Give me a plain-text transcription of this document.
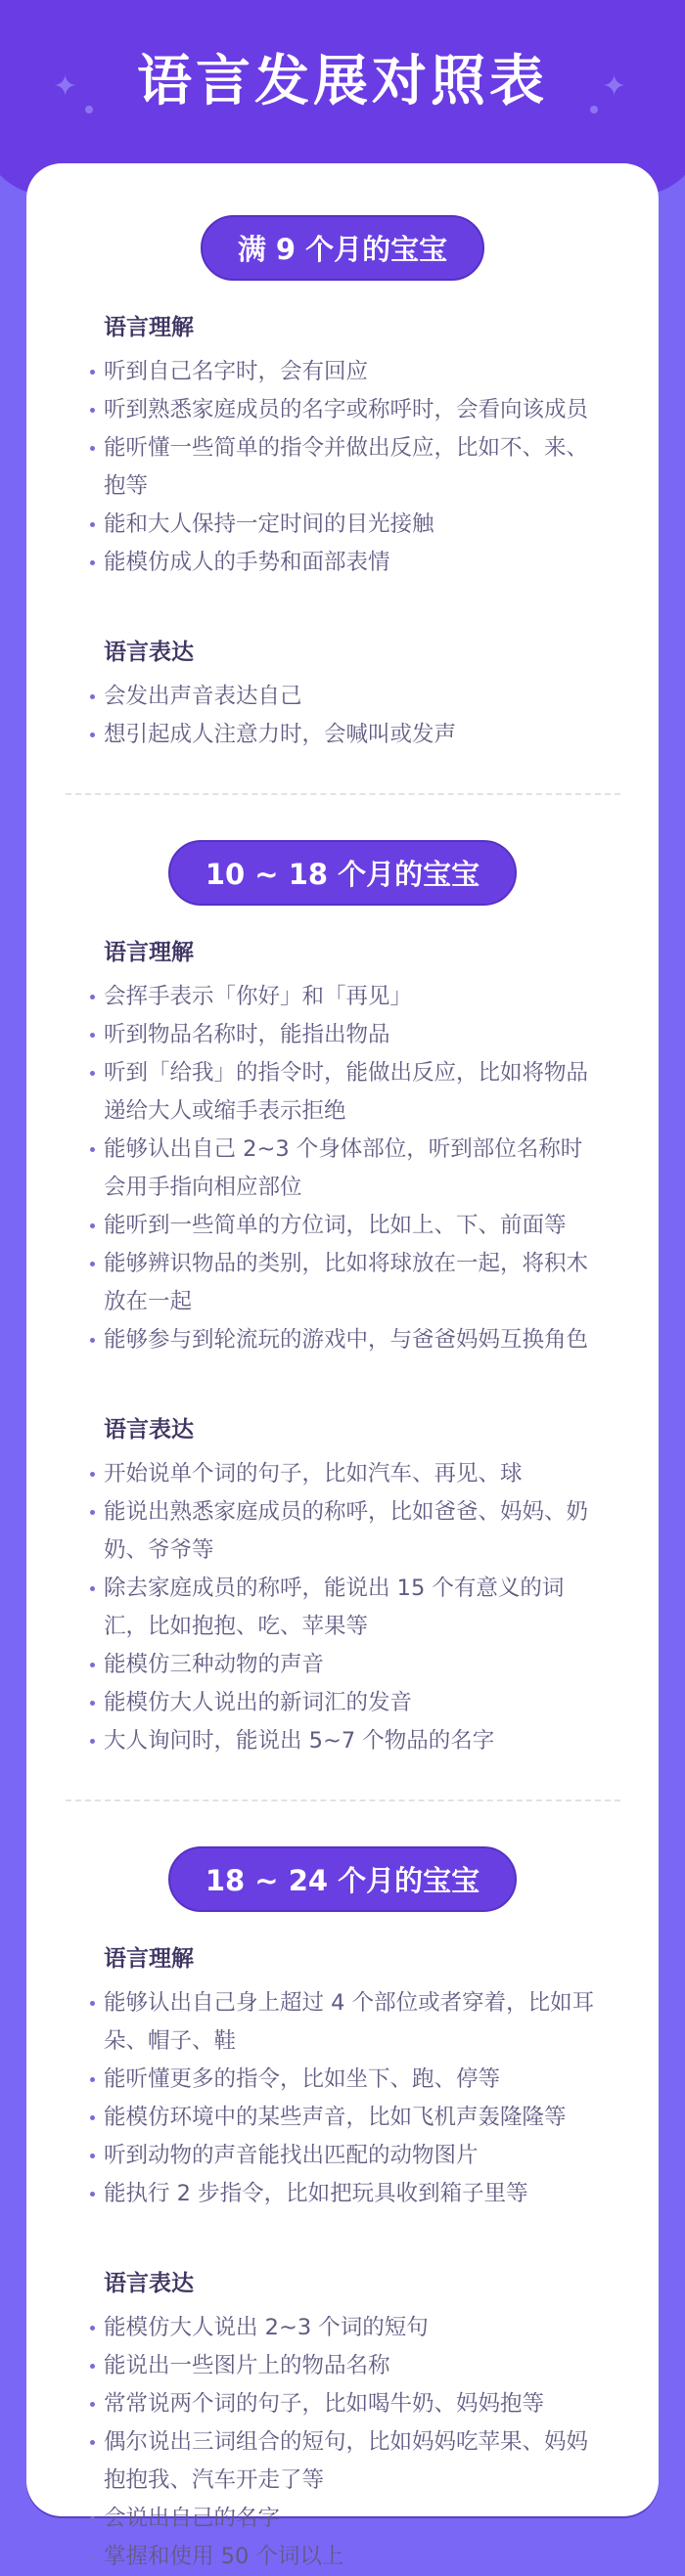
✦	✦
语言发展对照表
满 9 个月的宝宝
语言理解
听到自己名字时，会有回应
听到熟悉家庭成员的名字或称呼时，会看向该成员
能听懂一些简单的指令并做出反应，比如不、来、抱等
能和大人保持一定时间的目光接触
能模仿成人的手势和面部表情
语言表达
会发出声音表达自己
想引起成人注意力时，会喊叫或发声
10 ~ 18 个月的宝宝
语言理解
会挥手表示「你好」和「再见」
听到物品名称时，能指出物品
听到「给我」的指令时，能做出反应，比如将物品递给大人或缩手表示拒绝
能够认出自己 2~3 个身体部位，听到部位名称时会用手指向相应部位
能听到一些简单的方位词，比如上、下、前面等
能够辨识物品的类别，比如将球放在一起，将积木放在一起
能够参与到轮流玩的游戏中，与爸爸妈妈互换角色
语言表达
开始说单个词的句子，比如汽车、再见、球
能说出熟悉家庭成员的称呼，比如爸爸、妈妈、奶奶、爷爷等
除去家庭成员的称呼，能说出 15 个有意义的词汇，比如抱抱、吃、苹果等
能模仿三种动物的声音
能模仿大人说出的新词汇的发音
大人询问时，能说出 5~7 个物品的名字
18 ~ 24 个月的宝宝
语言理解
能够认出自己身上超过 4 个部位或者穿着，比如耳朵、帽子、鞋
能听懂更多的指令，比如坐下、跑、停等
能模仿环境中的某些声音，比如飞机声轰隆隆等
听到动物的声音能找出匹配的动物图片
能执行 2 步指令，比如把玩具收到箱子里等
语言表达
能模仿大人说出 2~3 个词的短句
能说出一些图片上的物品名称
常常说两个词的句子，比如喝牛奶、妈妈抱等
偶尔说出三词组合的短句，比如妈妈吃苹果、妈妈抱抱我、汽车开走了等
会说出自己的名字
掌握和使用 50 个词以上
